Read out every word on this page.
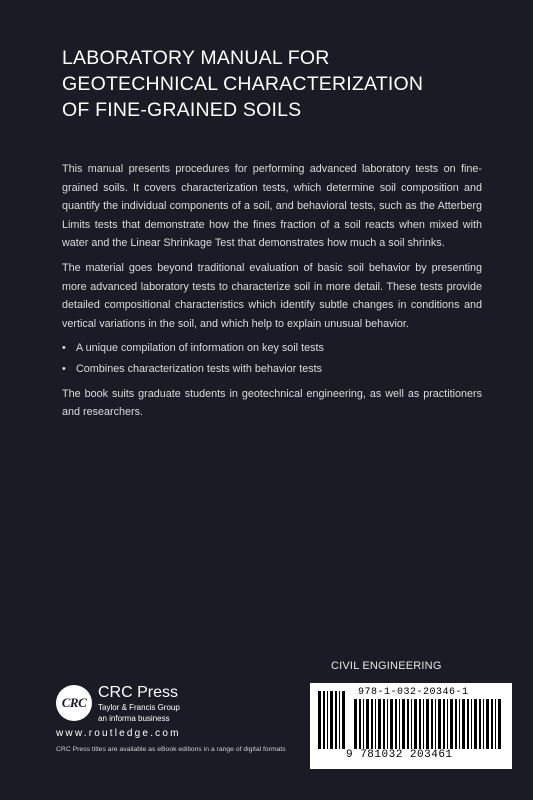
LABORATORY MANUAL FOR
GEOTECHNICAL CHARACTERIZATION
OF FINE-GRAINED SOILS

This manual presents procedures for performing advanced laboratory tests on fine-grained soils. It covers characterization tests, which determine soil composition and quantify the individual components of a soil, and behavioral tests, such as the Atterberg Limits tests that demonstrate how the fines fraction of a soil reacts when mixed with water and the Linear Shrinkage Test that demonstrates how much a soil shrinks.

The material goes beyond traditional evaluation of basic soil behavior by presenting more advanced laboratory tests to characterize soil in more detail. These tests provide detailed compositional characteristics which identify subtle changes in conditions and vertical variations in the soil, and which help to explain unusual behavior.

• A unique compilation of information on key soil tests
• Combines characterization tests with behavior tests

The book suits graduate students in geotechnical engineering, as well as practitioners and researchers.

CIVIL ENGINEERING
978-1-032-20346-1
9 781032 203461
CRC
CRC Press
Taylor & Francis Group
an informa business
www.routledge.com
CRC Press titles are available as eBook editions in a range of digital formats
